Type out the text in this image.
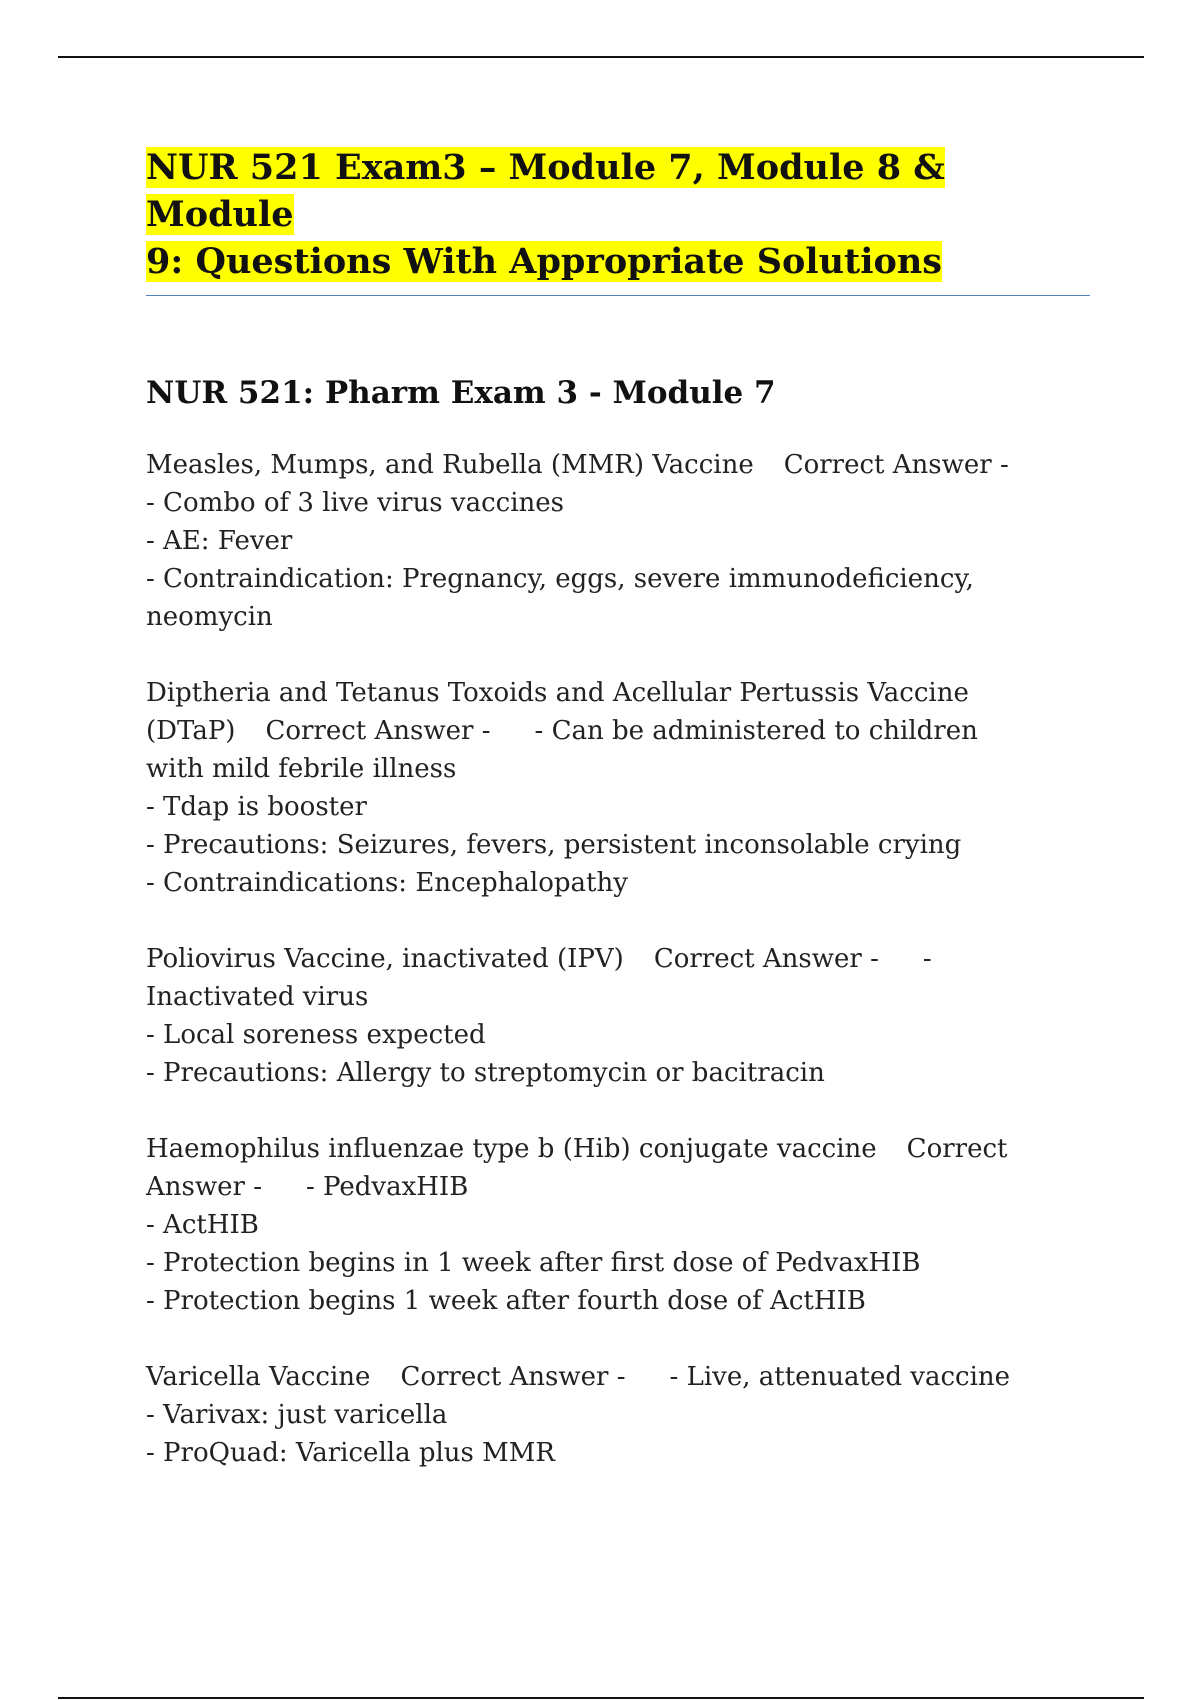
NUR 521 Exam3 – Module 7, Module 8 & Module
9: Questions With Appropriate Solutions
NUR 521: Pharm Exam 3 - Module 7
Measles, Mumps, and Rubella (MMR) Vaccine Correct Answer -
- Combo of 3 live virus vaccines
- AE: Fever
- Contraindication: Pregnancy, eggs, severe immunodeficiency,
neomycin
Diptheria and Tetanus Toxoids and Acellular Pertussis Vaccine
(DTaP) Correct Answer - - Can be administered to children
with mild febrile illness
- Tdap is booster
- Precautions: Seizures, fevers, persistent inconsolable crying
- Contraindications: Encephalopathy
Poliovirus Vaccine, inactivated (IPV) Correct Answer - -
Inactivated virus
- Local soreness expected
- Precautions: Allergy to streptomycin or bacitracin
Haemophilus influenzae type b (Hib) conjugate vaccine Correct
Answer - - PedvaxHIB
- ActHIB
- Protection begins in 1 week after first dose of PedvaxHIB
- Protection begins 1 week after fourth dose of ActHIB
Varicella Vaccine Correct Answer - - Live, attenuated vaccine
- Varivax: just varicella
- ProQuad: Varicella plus MMR
